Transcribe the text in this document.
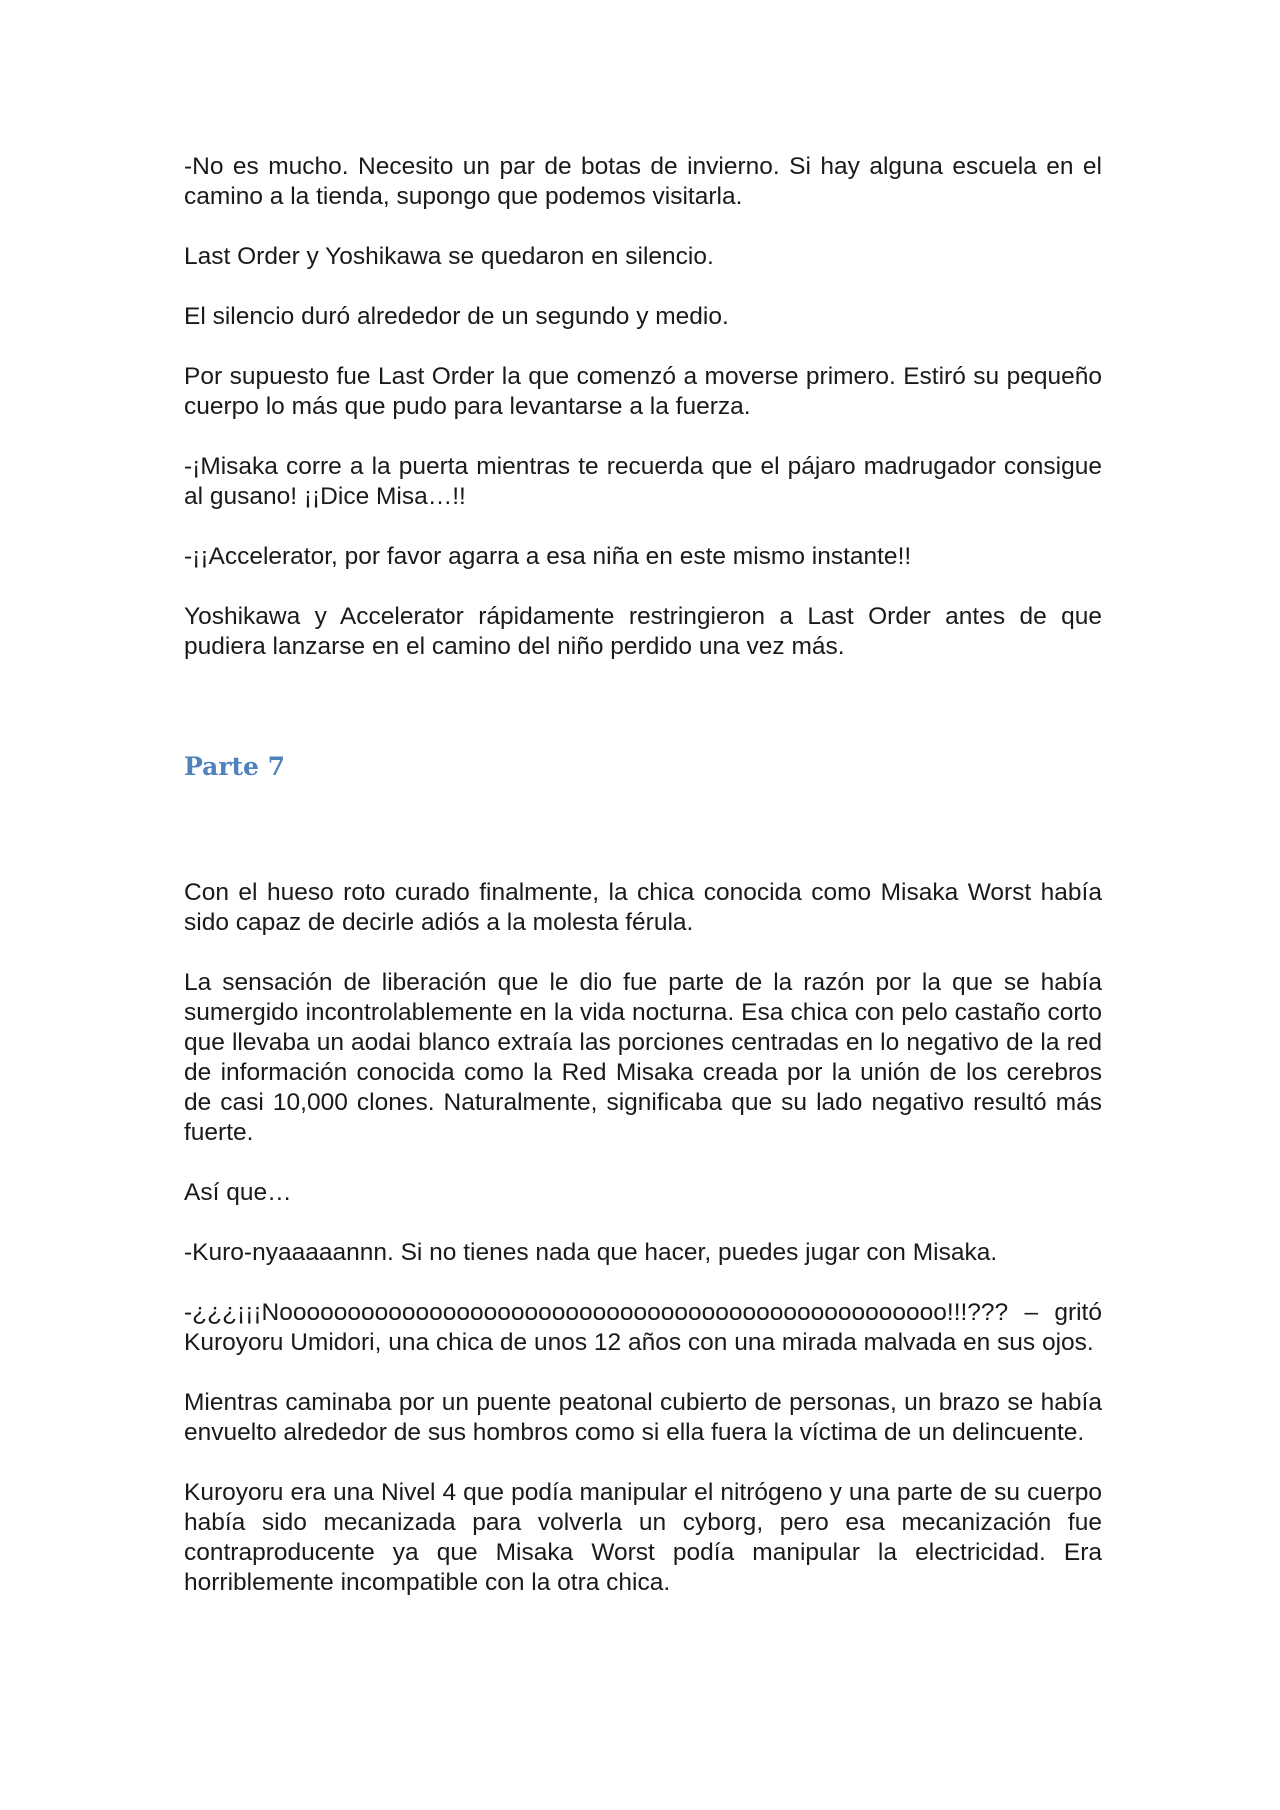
-No es mucho. Necesito un par de botas de invierno. Si hay alguna escuela en el camino a la tienda, supongo que podemos visitarla.

Last Order y Yoshikawa se quedaron en silencio.

El silencio duró alrededor de un segundo y medio.

Por supuesto fue Last Order la que comenzó a moverse primero. Estiró su pequeño cuerpo lo más que pudo para levantarse a la fuerza.

-¡Misaka corre a la puerta mientras te recuerda que el pájaro madrugador consigue al gusano! ¡¡Dice Misa…!!

-¡¡Accelerator, por favor agarra a esa niña en este mismo instante!!

Yoshikawa y Accelerator rápidamente restringieron a Last Order antes de que pudiera lanzarse en el camino del niño perdido una vez más.

Parte 7

Con el hueso roto curado finalmente, la chica conocida como Misaka Worst había sido capaz de decirle adiós a la molesta férula.

La sensación de liberación que le dio fue parte de la razón por la que se había sumergido incontrolablemente en la vida nocturna. Esa chica con pelo castaño corto que llevaba un aodai blanco extraía las porciones centradas en lo negativo de la red de información conocida como la Red Misaka creada por la unión de los cerebros de casi 10,000 clones. Naturalmente, significaba que su lado negativo resultó más fuerte.

Así que…

-Kuro-nyaaaaannn. Si no tienes nada que hacer, puedes jugar con Misaka.

-¿¿¿¡¡¡Nooooooooooooooooooooooooooooooooooooooooooooooooo!!!??? – gritó Kuroyoru Umidori, una chica de unos 12 años con una mirada malvada en sus ojos.

Mientras caminaba por un puente peatonal cubierto de personas, un brazo se había envuelto alrededor de sus hombros como si ella fuera la víctima de un delincuente.

Kuroyoru era una Nivel 4 que podía manipular el nitrógeno y una parte de su cuerpo había sido mecanizada para volverla un cyborg, pero esa mecanización fue contraproducente ya que Misaka Worst podía manipular la electricidad. Era horriblemente incompatible con la otra chica.
